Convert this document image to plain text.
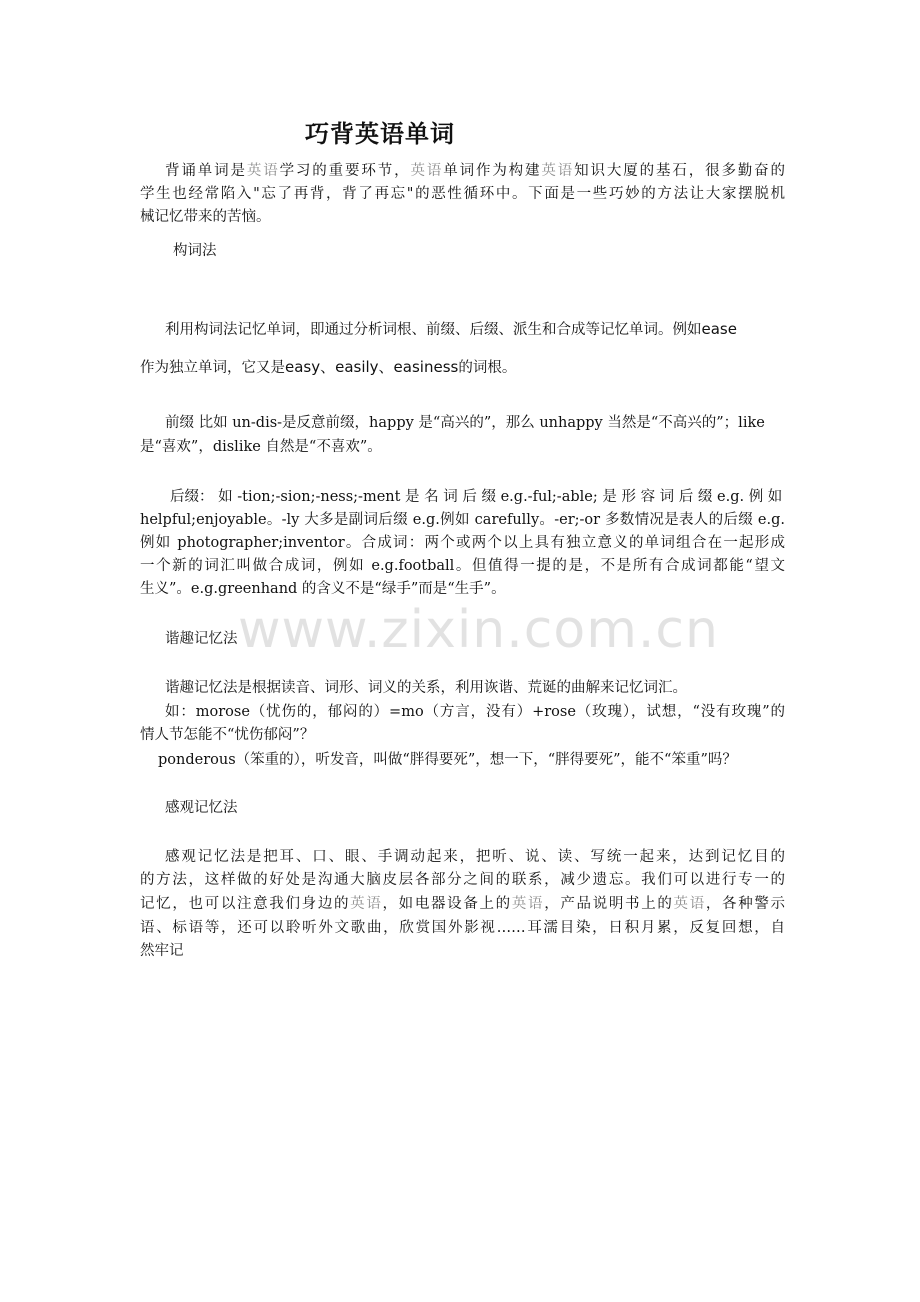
www.zixin.com.cn
巧背英语单词
背诵单词是英语学习的重要环节，英语单词作为构建英语知识大厦的基石，很多勤奋的
学生也经常陷入"忘了再背，背了再忘"的恶性循环中。下面是一些巧妙的方法让大家摆脱机
械记忆带来的苦恼。
构词法
利用构词法记忆单词，即通过分析词根、前缀、后缀、派生和合成等记忆单词。例如ease
作为独立单词，它又是easy、easily、easiness的词根。
前缀 比如 un-dis-是反意前缀，happy 是“高兴的”，那么 unhappy 当然是“不高兴的”；like
是“喜欢”，dislike 自然是“不喜欢”。
后缀： 如 -tion;-sion;-ness;-ment 是 名 词 后 缀 e.g.-ful;-able; 是 形 容 词 后 缀 e.g. 例 如
helpful;enjoyable。-ly 大多是副词后缀 e.g.例如 carefully。-er;-or 多数情况是表人的后缀 e.g.
例如 photographer;inventor。合成词：两个或两个以上具有独立意义的单词组合在一起形成
一个新的词汇叫做合成词，例如 e.g.football。但值得一提的是，不是所有合成词都能“望文
生义”。e.g.greenhand 的含义不是“绿手”而是“生手”。
谐趣记忆法
谐趣记忆法是根据读音、词形、词义的关系，利用诙谐、荒诞的曲解来记忆词汇。
如：morose（忧伤的，郁闷的）=mo（方言，没有）+rose（玫瑰），试想，“没有玫瑰”的
情人节怎能不“忧伤郁闷”？
ponderous（笨重的），听发音，叫做“胖得要死”，想一下，“胖得要死”，能不“笨重”吗？
感观记忆法
感观记忆法是把耳、口、眼、手调动起来，把听、说、读、写统一起来，达到记忆目的
的方法，这样做的好处是沟通大脑皮层各部分之间的联系，减少遗忘。我们可以进行专一的
记忆，也可以注意我们身边的英语，如电器设备上的英语，产品说明书上的英语，各种警示
语、标语等，还可以聆听外文歌曲，欣赏国外影视……耳濡目染，日积月累，反复回想，自
然牢记
